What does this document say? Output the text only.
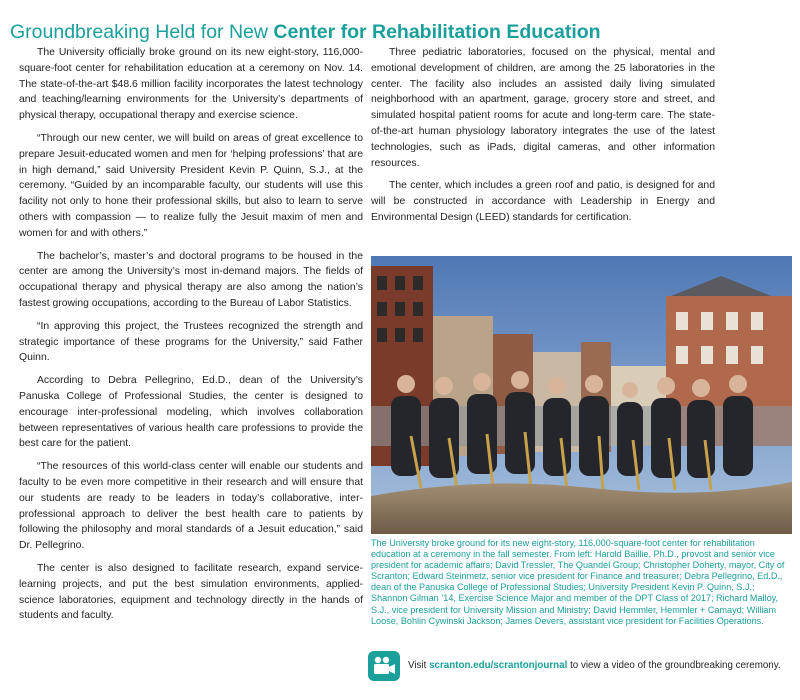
Groundbreaking Held for New Center for Rehabilitation Education

The University officially broke ground on its new eight-story, 116,000-square-foot center for rehabilitation education at a ceremony on Nov. 14. The state-of-the-art $48.6 million facility incorporates the latest technology and teaching/learning environments for the University’s departments of physical therapy, occupational therapy and exercise science.

“Through our new center, we will build on areas of great excellence to prepare Jesuit-educated women and men for ‘helping professions’ that are in high demand,” said University President Kevin P. Quinn, S.J., at the ceremony. “Guided by an incomparable faculty, our students will use this facility not only to hone their professional skills, but also to learn to serve others with compassion — to realize fully the Jesuit maxim of men and women for and with others.”

The bachelor’s, master’s and doctoral programs to be housed in the center are among the University’s most in-demand majors. The fields of occupational therapy and physical therapy are also among the nation’s fastest growing occupations, according to the Bureau of Labor Statistics.

“In approving this project, the Trustees recognized the strength and strategic importance of these programs for the University,” said Father Quinn.

According to Debra Pellegrino, Ed.D., dean of the University’s Panuska College of Professional Studies, the center is designed to encourage inter-professional modeling, which involves collaboration between representatives of various health care professions to provide the best care for the patient.

“The resources of this world-class center will enable our students and faculty to be even more competitive in their research and will ensure that our students are ready to be leaders in today’s collaborative, inter-professional approach to deliver the best health care to patients by following the philosophy and moral standards of a Jesuit education,” said Dr. Pellegrino.

The center is also designed to facilitate research, expand service-learning projects, and put the best simulation environments, applied-science laboratories, equipment and technology directly in the hands of students and faculty.

Three pediatric laboratories, focused on the physical, mental and emotional development of children, are among the 25 laboratories in the center. The facility also includes an assisted daily living simulated neighborhood with an apartment, garage, grocery store and street, and simulated hospital patient rooms for acute and long-term care. The state-of-the-art human physiology laboratory integrates the use of the latest technologies, such as iPads, digital cameras, and other information resources.

The center, which includes a green roof and patio, is designed for and will be constructed in accordance with Leadership in Energy and Environmental Design (LEED) standards for certification.

The University broke ground for its new eight-story, 116,000-square-foot center for rehabilitation education at a ceremony in the fall semester. From left: Harold Baillie, Ph.D., provost and senior vice president for academic affairs; David Tressler, The Quandel Group; Christopher Doherty, mayor, City of Scranton; Edward Steinmetz, senior vice president for Finance and treasurer; Debra Pellegrino, Ed.D., dean of the Panuska College of Professional Studies; University President Kevin P. Quinn, S.J.; Shannon Gilman ’14, Exercise Science Major and member of the DPT Class of 2017; Richard Malloy, S.J., vice president for University Mission and Ministry; David Hemmler, Hemmler + Camayd; William Loose, Bohlin Cywinski Jackson; James Devers, assistant vice president for Facilities Operations.

Visit scranton.edu/scrantonjournal to view a video of the groundbreaking ceremony.
